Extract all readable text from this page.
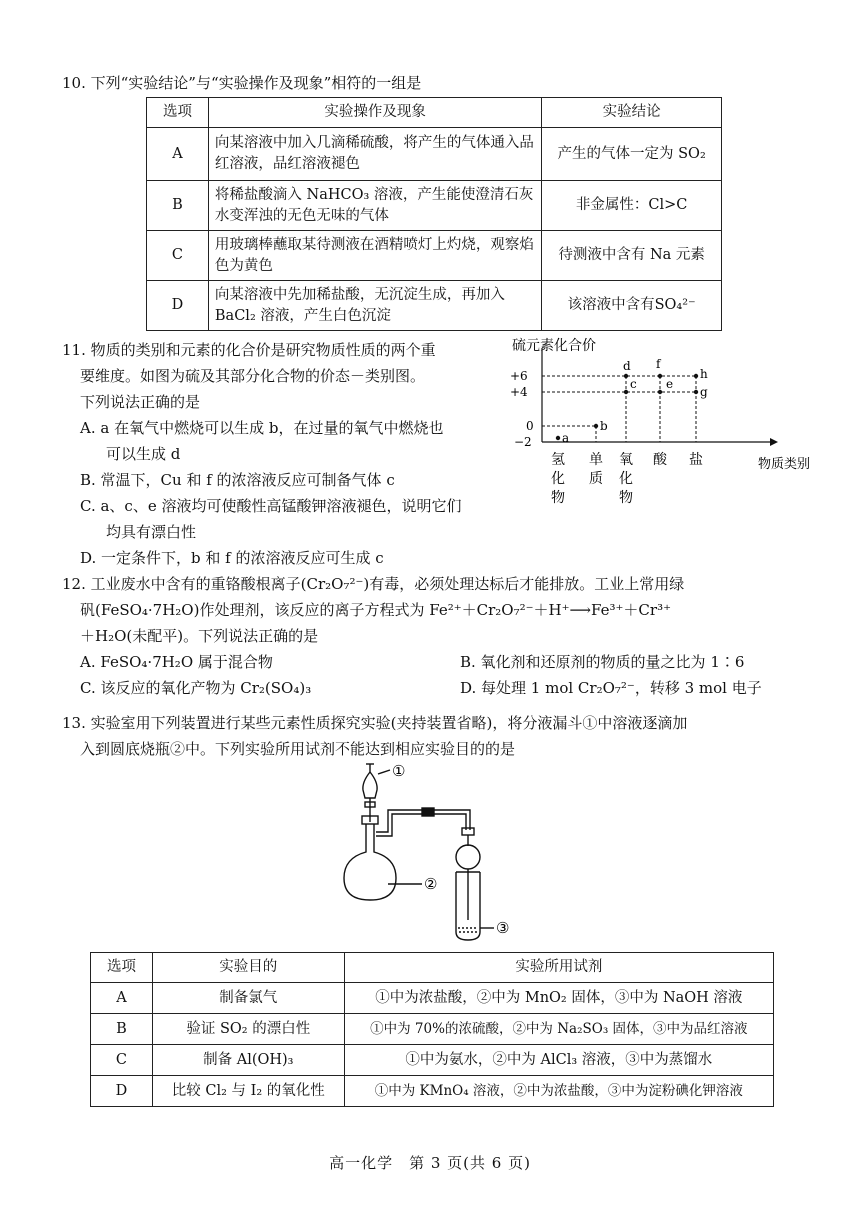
10. 下列“实验结论”与“实验操作及现象”相符的一组是

选项	实验操作及现象	实验结论
A	向某溶液中加入几滴稀硫酸，将产生的气体通入品红溶液，品红溶液褪色	产生的气体一定为 SO₂
B	将稀盐酸滴入 NaHCO₃ 溶液，产生能使澄清石灰水变浑浊的无色无味的气体	非金属性：Cl>C
C	用玻璃棒蘸取某待测液在酒精喷灯上灼烧，观察焰色为黄色	待测液中含有 Na 元素
D	向某溶液中先加稀盐酸，无沉淀生成，再加入 BaCl₂ 溶液，产生白色沉淀	该溶液中含有SO₄²⁻

11. 物质的类别和元素的化合价是研究物质性质的两个重

要维度。如图为硫及其部分化合物的价态－类别图。

下列说法正确的是

A. a 在氧气中燃烧可以生成 b，在过量的氧气中燃烧也

可以生成 d

B. 常温下，Cu 和 f 的浓溶液反应可制备气体 c

C. a、c、e 溶液均可使酸性高锰酸钾溶液褪色，说明它们

均具有漂白性

D. 一定条件下，b 和 f 的浓溶液反应可生成 c

硫元素化合价
物质类别
+6
+4
0
−2	a
b
c
d
e
f
g
h
氢化物
单质
氧化物
酸 盐

12. 工业废水中含有的重铬酸根离子(Cr₂O₇²⁻)有毒，必须处理达标后才能排放。工业上常用绿

矾(FeSO₄·7H₂O)作处理剂，该反应的离子方程式为 Fe²⁺＋Cr₂O₇²⁻＋H⁺⟶Fe³⁺＋Cr³⁺

＋H₂O(未配平)。下列说法正确的是

A. FeSO₄·7H₂O 属于混合物	B. 氧化剂和还原剂的物质的量之比为 1∶6
C. 该反应的氧化产物为 Cr₂(SO₄)₃	D. 每处理 1 mol Cr₂O₇²⁻，转移 3 mol 电子

13. 实验室用下列装置进行某些元素性质探究实验(夹持装置省略)，将分液漏斗①中溶液逐滴加

入到圆底烧瓶②中。下列实验所用试剂不能达到相应实验目的的是

①
②
③
选项	实验目的	实验所用试剂
A	制备氯气	①中为浓盐酸，②中为 MnO₂ 固体，③中为 NaOH 溶液
B	验证 SO₂ 的漂白性	①中为 70%的浓硫酸，②中为 Na₂SO₃ 固体，③中为品红溶液
C	制备 Al(OH)₃	①中为氨水，②中为 AlCl₃ 溶液，③中为蒸馏水
D	比较 Cl₂ 与 I₂ 的氧化性	①中为 KMnO₄ 溶液，②中为浓盐酸，③中为淀粉碘化钾溶液
高一化学　第 3 页(共 6 页)
